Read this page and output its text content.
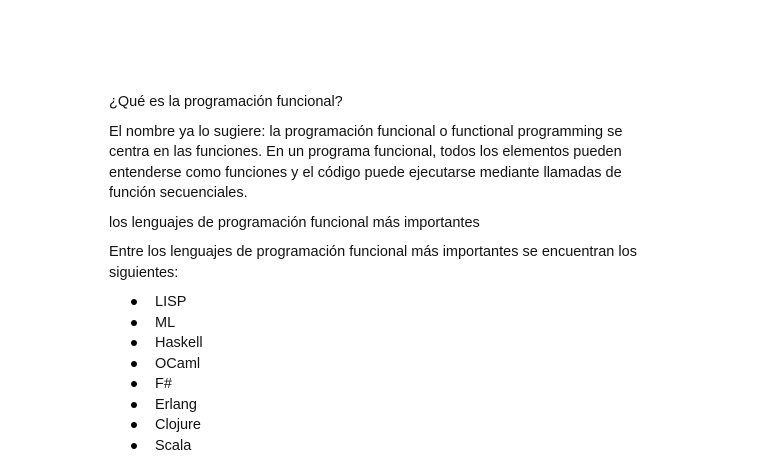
¿Qué es la programación funcional?

El nombre ya lo sugiere: la programación funcional o functional programming se
centra en las funciones. En un programa funcional, todos los elementos pueden
entenderse como funciones y el código puede ejecutarse mediante llamadas de
función secuenciales.

los lenguajes de programación funcional más importantes

Entre los lenguajes de programación funcional más importantes se encuentran los
siguientes:

LISP
ML
Haskell
OCaml
F#
Erlang
Clojure
Scala
